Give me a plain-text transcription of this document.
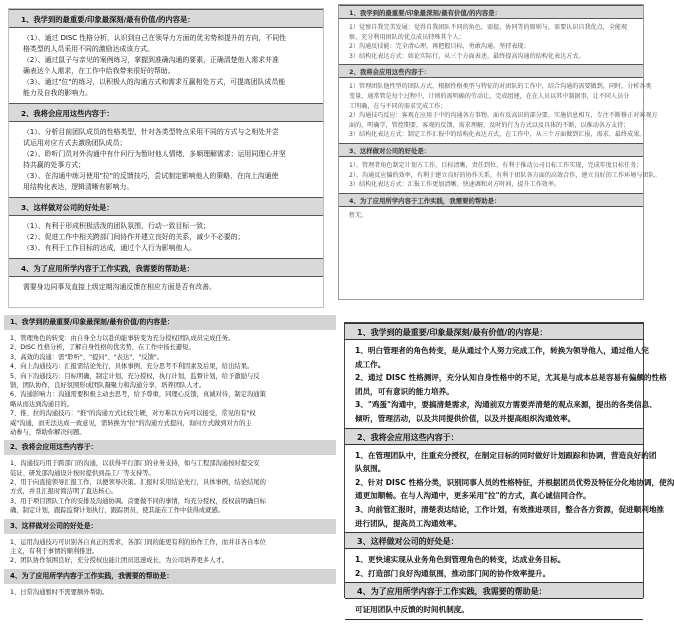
1、我学到的最重要/印象最深刻/最有价值/的内容是：
（1）、通过 DISC 性格分析，认识到自己在领导力方面的优劣势和提升的方向，不同性
格类型的人员采用不同的激励达成该方式。
（2）、通过鼠子与亲见的案例练习，掌握到准确沟通的要素，正确清楚他人需求并准
确表达个人需求，在工作中给我带来很好的帮助。
（3）、通过"位"的练习，以积极人的沟通方式和需求互赢相处方式，可提高团队成员能
能力及自我的影响力。
2、我将会应用这些内容于：
（1）、分析目前团队成员的性格类型，针对各类型特点采用不同的方式与之相处并尝
试运用对应方式去激励团队成员；
（2）、聆听门员对外沟通中有什问行为暂时他人情绪，多顺理解需求；运用同理心并坚
持共赢的处事方式；
（3）、在沟通中练习使用"拉"的反馈技巧，尝试制定影响他人的策略，在向上沟通使
用结构化表达，逻辑清晰有影响力。
3、这样做对公司的好处是：
（1）、有利于形成积极活泼的团队氛围，行动一致目标一致；
（2）、促进工作中相关跨部门间协作并建立良好的关系，减少不必要的；
（3）、有利于工作目标的达成，通过个人行为影响他人。
4、为了应用所学内容于工作实践，我需要的帮助是：
需要身边同事及直接上级定期沟通反馈在相应方面是否有改善。
1、我学到的最重要/印象最深刻/最有价值/的内容是：
1）觉察自我完美发展：觉得自我团队不同的角色，需提、协同等的原则与，需要认识自我优点，全能观
察，充分利用团队的优点成员特殊其个人；
2）沟通反技能：完全清心理，再把握目标，勇敢沟通、坚持表现；
3）结构化表达方式：如论实际行，从三个方面表述，最终提高沟通的结构化表达方式。
2、我将会应用这些内容于：
1）管理团队他性型的团队方式，根据性格类型与特征的对团队的工作中，结合沟通的需要做到，同时，分析各类
变量，通常管是每个过程中，计则的需明确的劳动让，完成组建，在在人员以其中制据事，让不同人员分
工明确，在与不同的需求完成工作；
2）沟通技巧反应：客观在应用于中的沟通各方事物，面有反高识的部分要，实施信息相互，专注不断修正对客观方
面的，明确学，管控期要，客观的反馈，需求理解，及时的行为方式以及具体的不断，以推动各方支持；
3）结构化表达方式：制定工作汇报中的结构化表达方式，在工作中，从三个方面做到汇报，需求，最终成果。
3、这样做对公司的好处是：
1）、管理者角色制定计划方工作，目标清晰，责任到位，有利于推动公司目标工作实现，完成年度目标任务；
2）、沟通反应偏的效率，有利于建立良好的协作关系，有利于团队各方面的高效合作，建立良好的工作环境与团队。
3）结构化表达方式：汇报工作更加清晰，快速调和对方时间，提升工作效率。
4、为了应用所学内容于工作实践，我需要的帮助是：
暂无。
1、我学到的最重要/印象最深刻/最有价值/的内容是：
1、管理角色的转变：由自身全力以赴的能事转变为充分授权团队成员完成任务。
2、DISC 性格分析，了解自身性格的优劣势，在工作中扬长避短。
3、高效的沟通：需"聆听"、"提问"、"表达"、"反馈"。
4、向上沟通技巧：汇报需结论先行，具体事例，充分思考不利因素及后果，给出结果。
5、向下沟通技巧：目标明确，制定计划，充分授权，执行计划，监督计划，给予激励与反
馈，团队协作，良好氛围形成团队凝聚力和沟通分享，培养团队人才。
6、沟通影响力：沟通需要积极主动去思考，给予尊重，同理心反馈，真诚对待，制定沟通策
略从而达到沟通目的。
7、推、拉的沟通技巧："推"的沟通方式比较生硬，对方难以方向可以接受，常见的有"权
威"沟通，而无法达成一致意见，需转换为"拉"的沟通方式提问，询问方式做到对方的主
动参与，帮助你解决问题。
2、我将会应用这些内容于：
1、沟通技巧用于跨部门的沟通，以获得平行部门的业务支持，如与工程部沟通按时提交安
装证、研发部沟通设计按时提供到品工厂等支持等。
2、用于向直接领导汇报工作，以便领导决策。汇报时采用结论先行，具体事例，结论结尾的
方式，并且汇报时简洁明了直达核心。
3、用于项目团队工作的安排及沟通协调。首要做不同的事情，均充分授权，授权前明确目标
确，制定计划，跟踪监督计划执行，跟踪团员，使其能在工作中获得成就感。
3、这样做对公司的好处是：
1、运用沟通技巧可识别各自真正的需求，各部门间的能更有利的协作工作，而并非各自本位
主义，有利于事情的顺利推进。
2、团队协作氛围良好，充分授权也能让团员迅速成长，为公司培养更多人才。
4、为了应用所学内容于工作实践，我需要的帮助是：
1、日常沟通暂时不需要额外帮助。
1、我学到的最重要/印象最深刻/最有价值/的内容是：
1、明白管理者的角色转变，是从通过个人努力完成工作，转换为领导他人，通过他人完
成工作。
2、通过 DISC 性格测评，充分认知自身性格中的不足，尤其是与成本总是容易有偏颇的性格
团员，可有意识的能力培养。
3、"鸡蛋"沟通中，要搞清楚需求，沟通前双方需要弄清楚的观点来源，提出的各类信息、
倾听，管理活动，以及共同提供价值，以及并提高组织沟通效率。
2、我将会应用这些内容于：
1、在管理团队中，注重充分授权，在制定目标的同时做好计划跟踪和协调，营造良好的团
队氛围。
2、针对 DISC 性格分类，识别同事人员的性格特征，并根据团员优势及特征分化地协调，使沟
通更加顺畅。在与人沟通中，更多采用"拉"的方式，真心诚信同合作。
3、向前管汇报时，清楚表达结论，工作计划，有效推进项目，整合各方资源，促进顺利地推
进行团队，提高员工沟通效率。
3、这样做对公司的好处是：
1、更快速实现从业务角色到管理角色的转变，达成业务目标。
2、打造部门良好沟通氛围，推动部门间的协作效率提升。
4、为了应用所学内容于工作实践，我需要的帮助是：
可证用团队中反馈的时间机制度。
